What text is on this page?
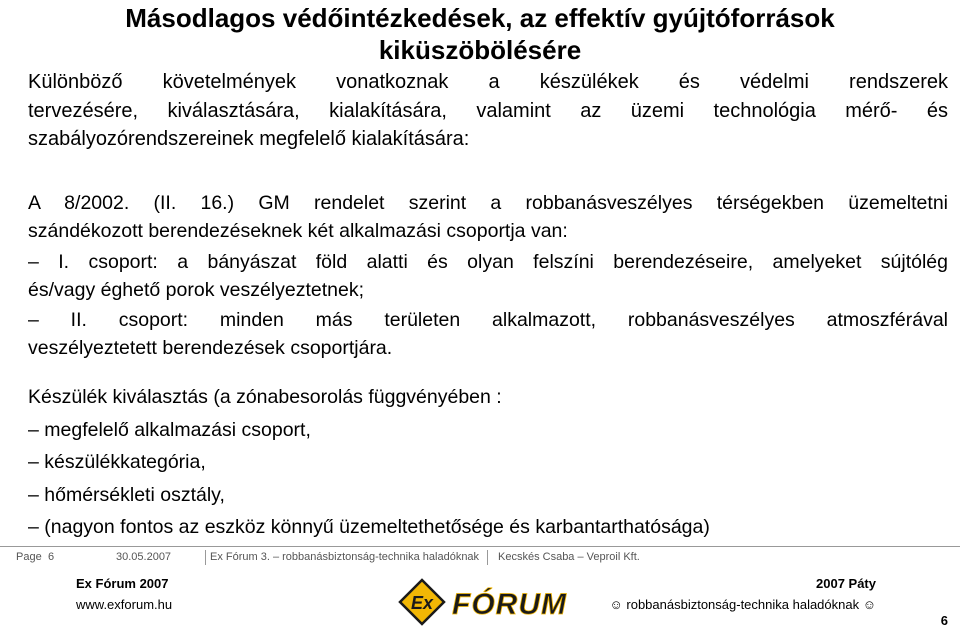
Másodlagos védőintézkedések, az effektív gyújtóforrások
kiküszöbölésére
Különböző követelmények vonatkoznak a készülékek és védelmi rendszerek
tervezésére, kiválasztására, kialakítására, valamint az üzemi technológia mérő- és
szabályozórendszereinek megfelelő kialakítására:
A 8/2002. (II. 16.) GM rendelet szerint a robbanásveszélyes térségekben üzemeltetni
szándékozott berendezéseknek két alkalmazási csoportja van:
– I. csoport: a bányászat föld alatti és olyan felszíni berendezéseire, amelyeket sújtólég
és/vagy éghető porok veszélyeztetnek;
– II. csoport: minden más területen alkalmazott, robbanásveszélyes atmoszférával
veszélyeztetett berendezések csoportjára.
Készülék kiválasztás (a zónabesorolás függvényében :
– megfelelő alkalmazási csoport,
– készülékkategória,
– hőmérsékleti osztály,
– (nagyon fontos az eszköz könnyű üzemeltethetősége és karbantarthatósága)
Page 6	30.05.2007	Ex Fórum 3. – robbanásbiztonság-technika haladóknak Kecskés Csaba – Veproil Kft.
Ex Fórum 2007	2007 Páty
www.exforum.hu	☺ robbanásbiztonság-technika haladóknak ☺
Ex FÓRUM	6
